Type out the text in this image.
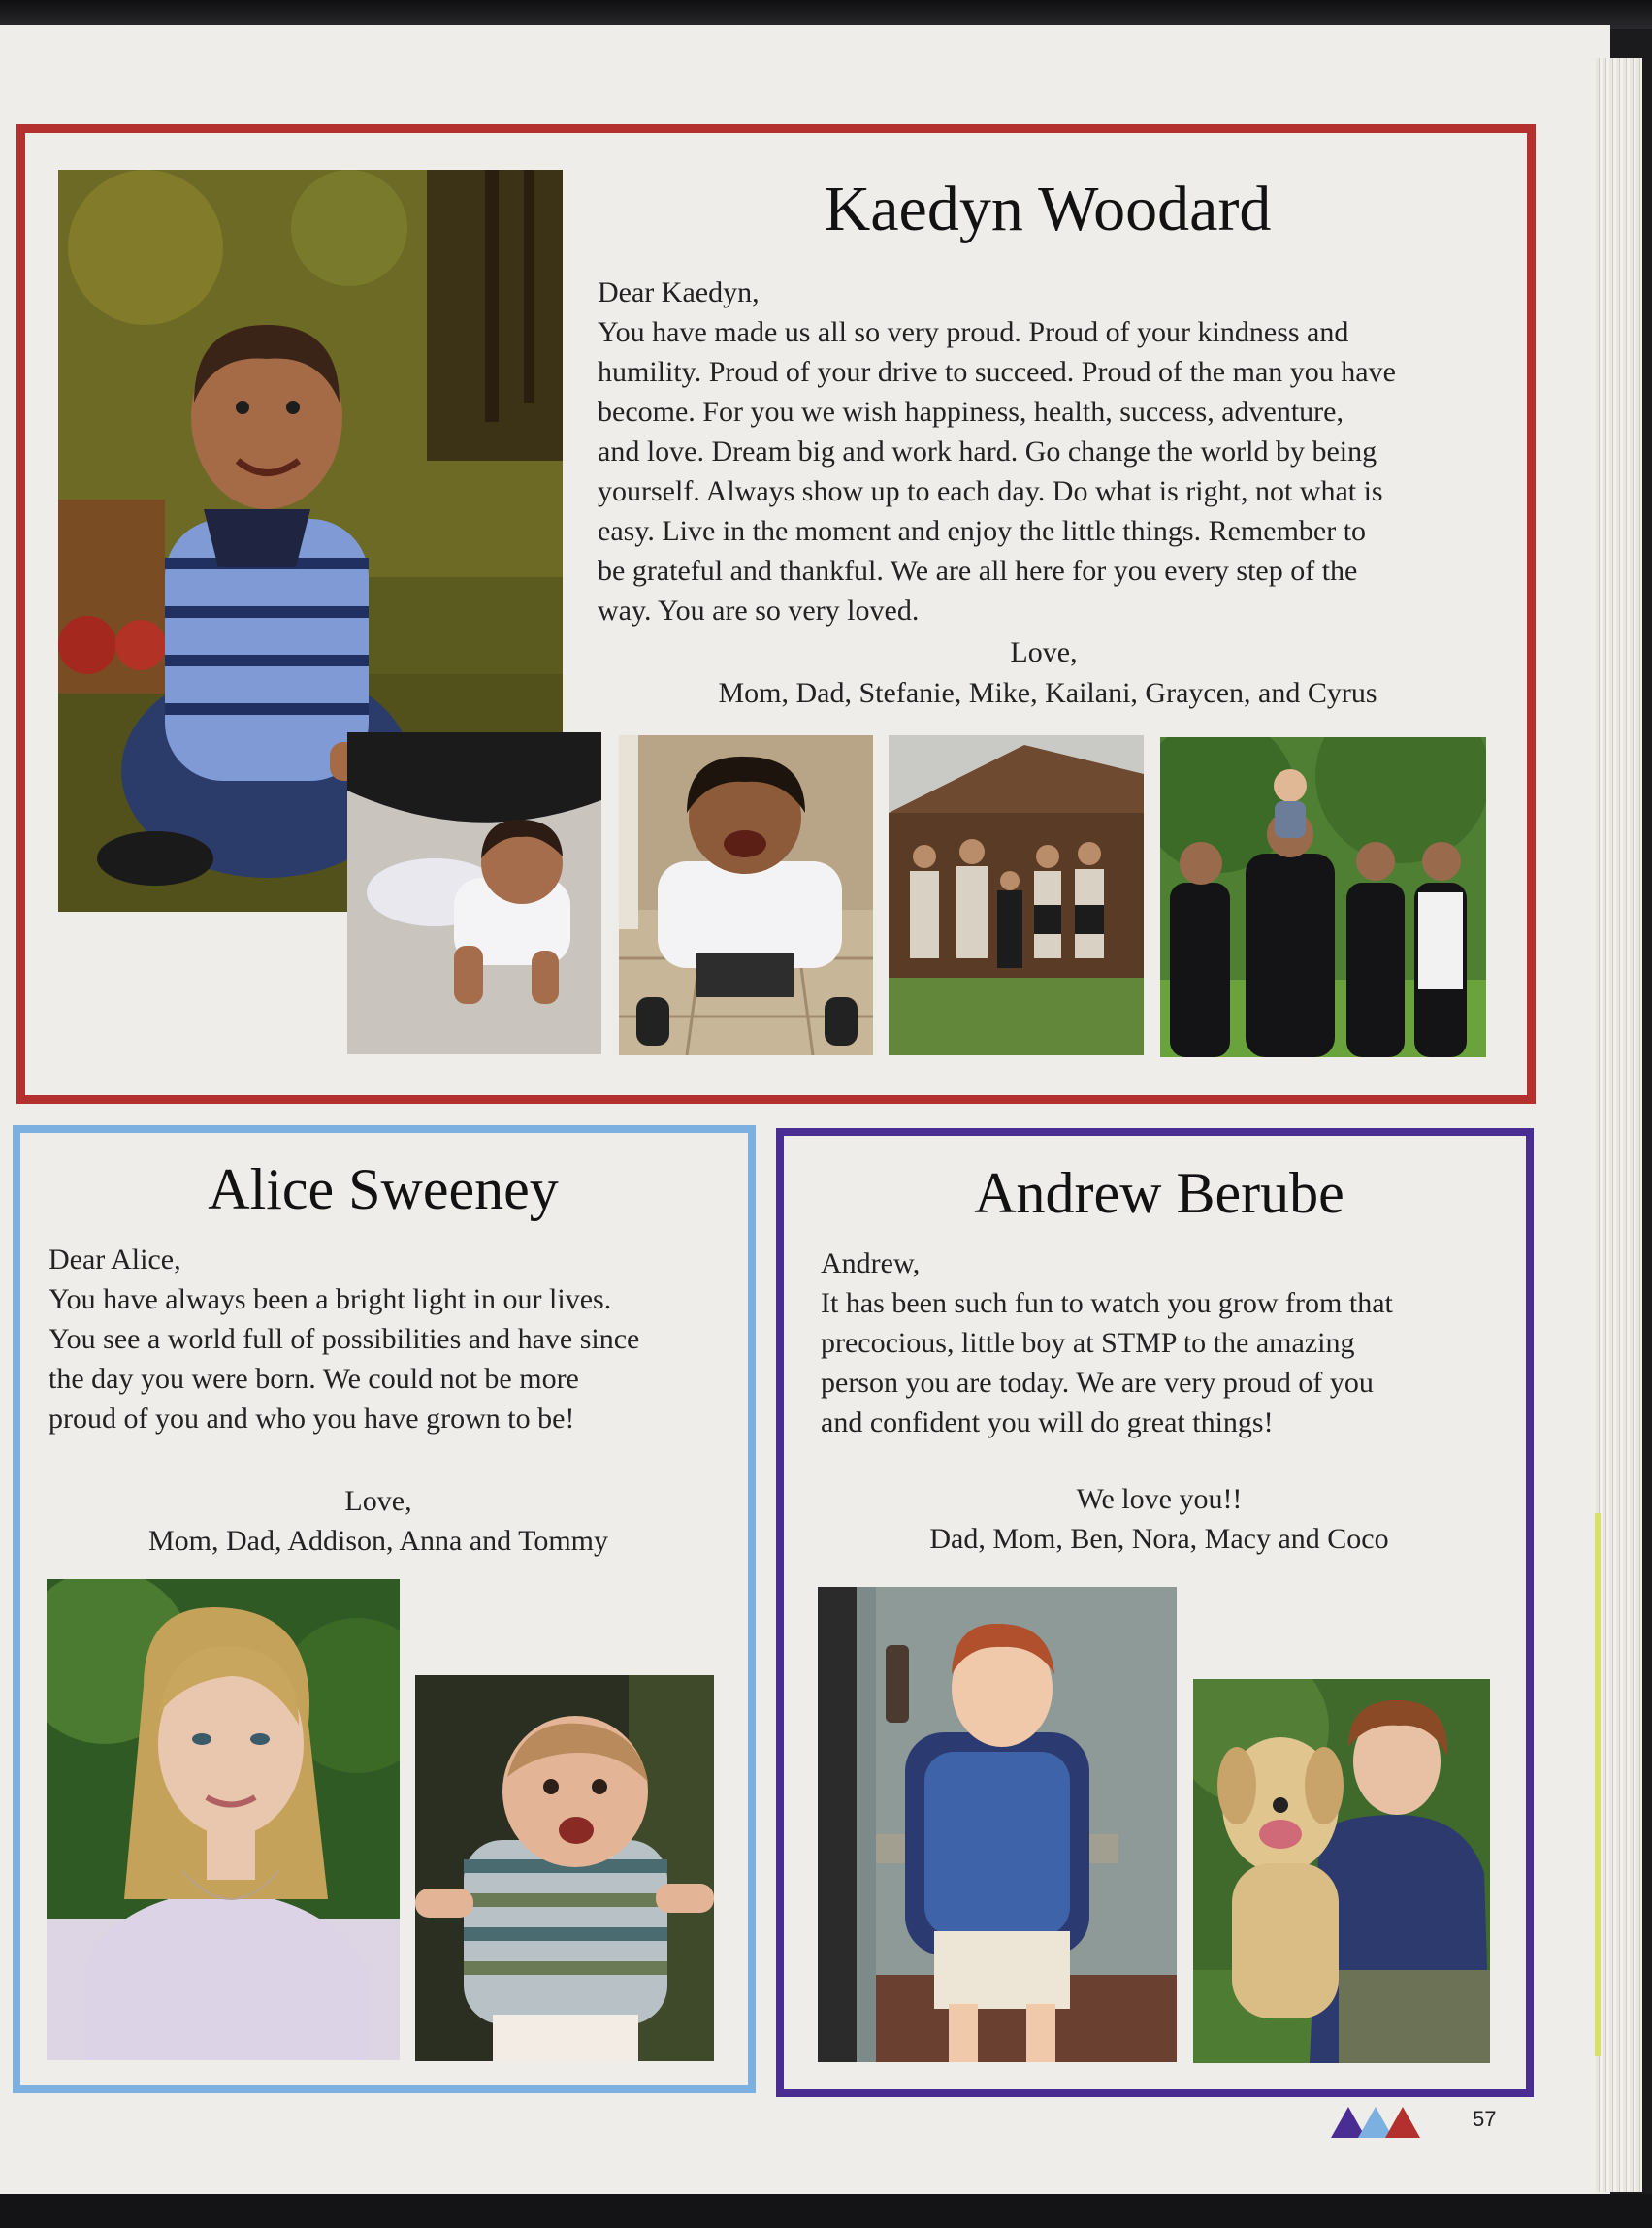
Kaedyn Woodard
Dear Kaedyn,
You have made us all so very proud. Proud of your kindness and
humility. Proud of your drive to succeed. Proud of the man you have
become. For you we wish happiness, health, success, adventure,
and love. Dream big and work hard. Go change the world by being
yourself. Always show up to each day. Do what is right, not what is
easy. Live in the moment and enjoy the little things. Remember to
be grateful and thankful. We are all here for you every step of the
way. You are so very loved.
Love,
Mom, Dad, Stefanie, Mike, Kailani, Graycen, and Cyrus
Alice Sweeney
Dear Alice,
You have always been a bright light in our lives.
You see a world full of possibilities and have since
the day you were born. We could not be more
proud of you and who you have grown to be!
Love,
Mom, Dad, Addison, Anna and Tommy
Andrew Berube
Andrew,
It has been such fun to watch you grow from that
precocious, little boy at STMP to the amazing
person you are today. We are very proud of you
and confident you will do great things!
We love you!!
Dad, Mom, Ben, Nora, Macy and Coco
57
